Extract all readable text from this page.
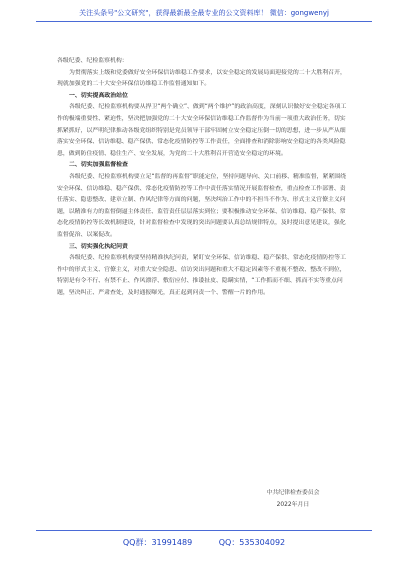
关注头条号"公文研究"，获得最新最全最专业的公文资料库！ 微信：gongwenyj

各级纪委、纪检监察机构：

为贯彻落实上级和党委做好安全环保信访维稳工作要求，以安全稳定的发展局面迎接党的二十大胜利召开，现就加强党的二十大安全环保信访维稳工作监督通知如下。

一、切实提高政治站位

各级纪委、纪检监察机构要从捍卫“两个确立”、做到“两个维护”的政治高度，深刻认识做好安全稳定各项工作的极端重要性、紧迫性，坚决把加强党的二十大安全环保信访维稳工作监督作为当前一项重大政治任务，切实抓紧抓好，以严明纪律推动各级党组织特别是党员领导干部牢固树立安全稳定压倒一切的思想，进一步从严从细落实安全环保、信访维稳、稳产保供、常态化疫情防控等工作责任，全面排查和消除影响安全稳定的各类风险隐患，做到防住疫情、稳住生产、安全发展，为党的二十大胜利召开营造安全稳定的环境。

二、切实加强监督检查

各级纪委、纪检监察机构要立足“监督的再监督”职能定位，坚持问题导向、关口前移、精准监督，紧紧围绕安全环保、信访维稳、稳产保供、常态化疫情防控等工作中责任落实情况开展监督检查，重点检查工作部署、责任落实、隐患整改、建章立制、作风纪律等方面的问题，坚决纠治工作中的不担当不作为、形式主义官僚主义问题，以精准有力的监督倒逼主体责任、监管责任层层落实到位；要积极推动安全环保、信访维稳、稳产保供、常态化疫情防控等长效机制建设，针对监督检查中发现的突出问题要认真总结规律特点，及时提出意见建议，强化监督促治、以案促改。

三、切实强化执纪问责

各级纪委、纪检监察机构要坚持精准执纪问责，紧盯安全环保、信访维稳、稳产保供、常态化疫情防控等工作中的形式主义、官僚主义，对重大安全隐患、信访突出问题和重大不稳定因素等不重视不整改、整改不到位，特别是有令不行、有禁不止、作风漂浮、敷衍应付、推诿扯皮、隐瞒实情，“工作抓而不细、抓而不实等重点问题，坚决纠正、严肃查处，及时通报曝光，真正起到问责一个、警醒一片的作用。

中共纪律检查委员会
2022年月日
QQ群：31991489	QQ：535304092
